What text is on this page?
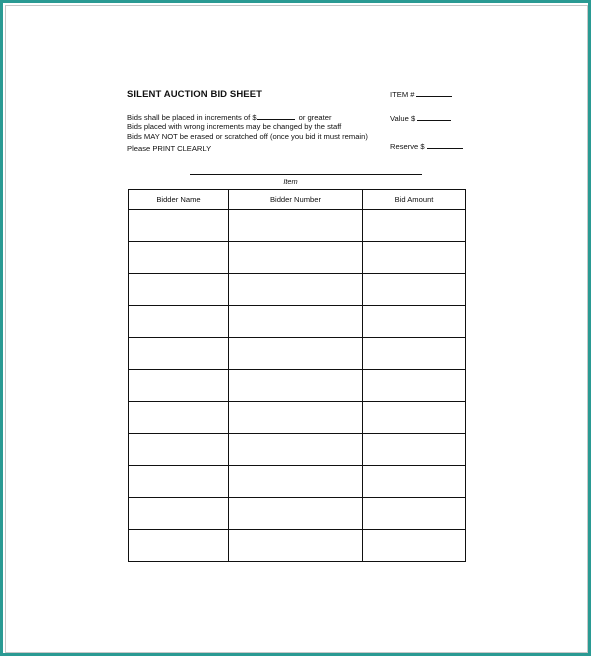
SILENT AUCTION BID SHEET
Bids shall be placed in increments of $	or greater
Bids placed with wrong increments may be changed by the staff
Bids MAY NOT be erased or scratched off (once you bid it must remain)
Please PRINT CLEARLY
ITEM #
Value $
Reserve $
Item
Bidder Name	Bidder Number	Bid Amount
